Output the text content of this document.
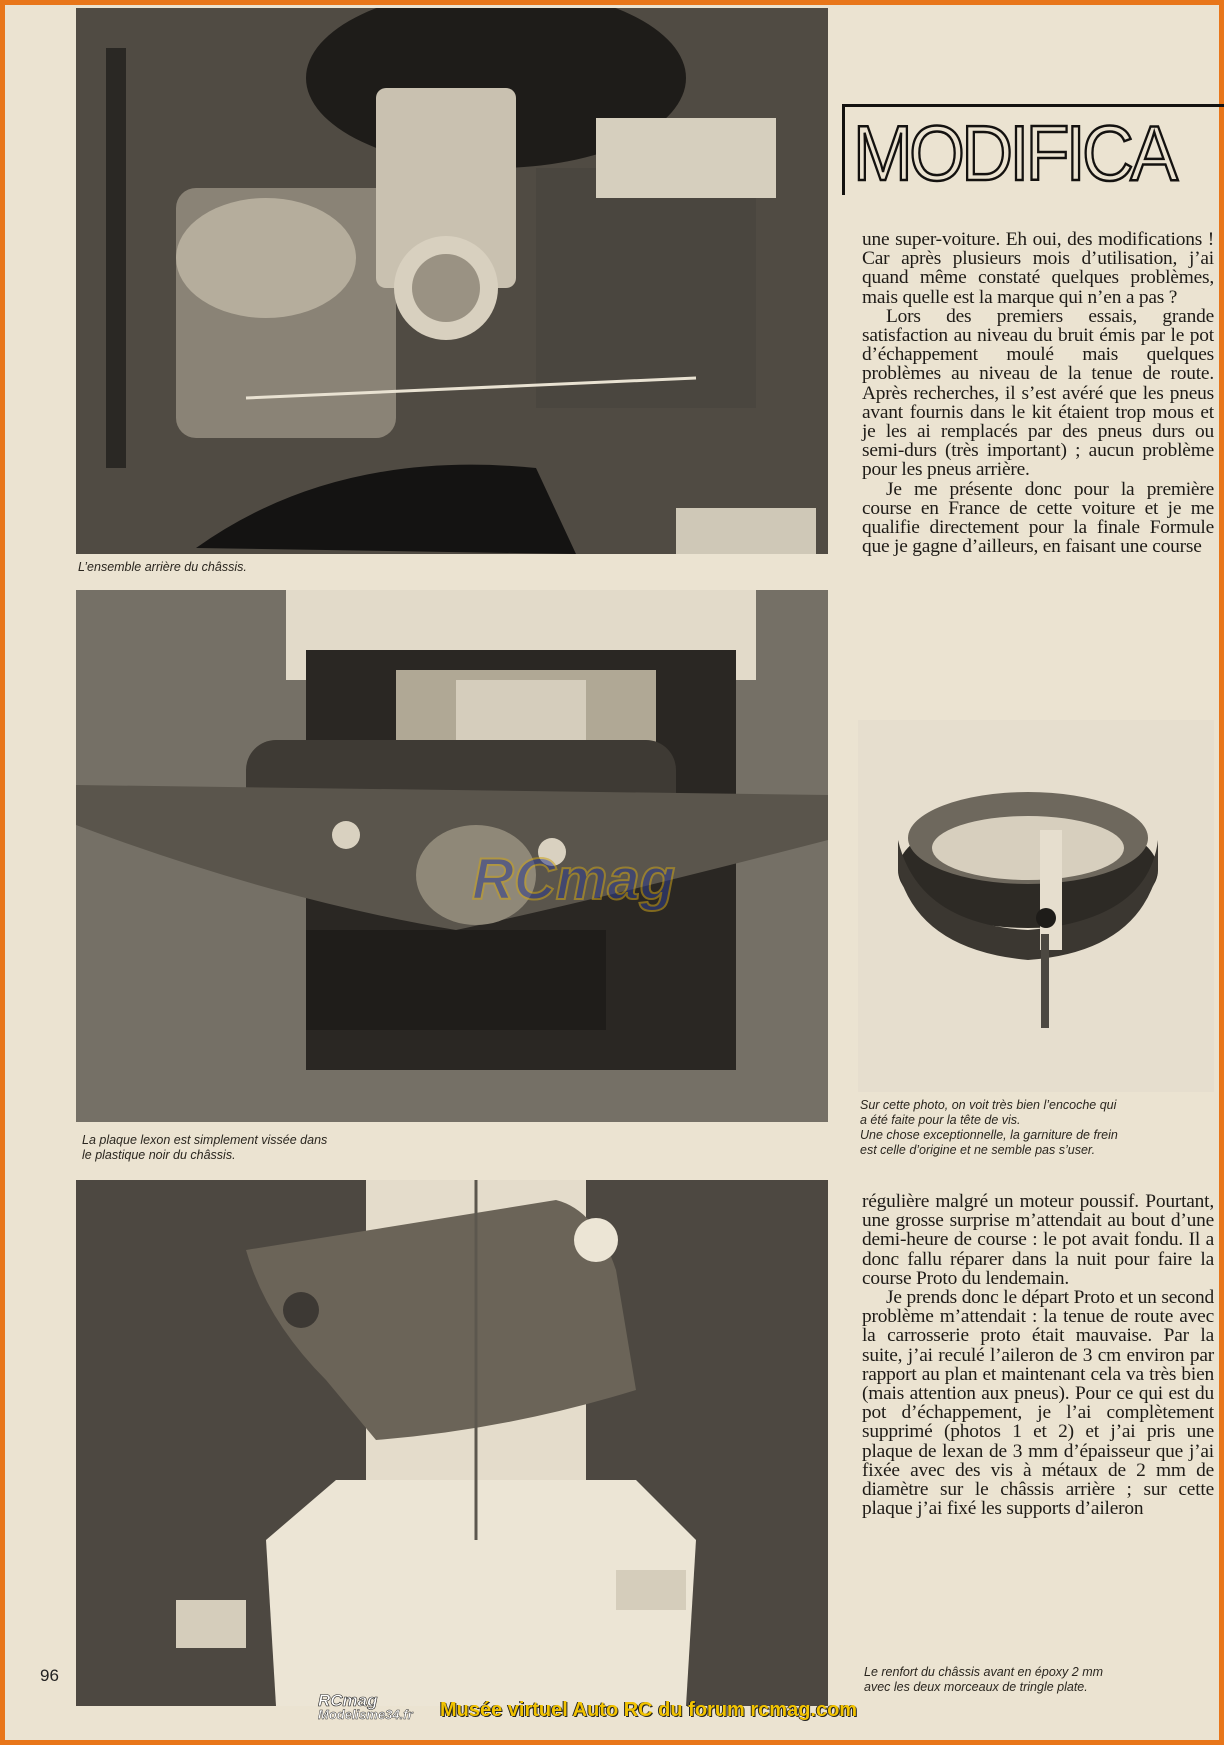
L’ensemble arrière du châssis.

MODIFICA

une super-voiture. Eh oui, des modifications ! Car après plusieurs mois d’utilisation, j’ai quand même constaté quelques problèmes, mais quelle est la marque qui n’en a pas ?

Lors des premiers essais, grande satisfaction au niveau du bruit émis par le pot d’échappement moulé mais quelques problèmes au niveau de la tenue de route. Après recherches, il s’est avéré que les pneus avant fournis dans le kit étaient trop mous et je les ai remplacés par des pneus durs ou semi-durs (très important) ; aucun problème pour les pneus arrière.

Je me présente donc pour la première course en France de cette voiture et je me qualifie directement pour la finale Formule que je gagne d’ailleurs, en faisant une course

La plaque lexon est simplement vissée dans

le plastique noir du châssis.

RCmag

Sur cette photo, on voit très bien l’encoche qui

a été faite pour la tête de vis.

Une chose exceptionnelle, la garniture de frein

est celle d’origine et ne semble pas s’user.

régulière malgré un moteur poussif. Pourtant, une grosse surprise m’attendait au bout d’une demi-heure de course : le pot avait fondu. Il a donc fallu réparer dans la nuit pour faire la course Proto du lendemain.

Je prends donc le départ Proto et un second problème m’attendait : la tenue de route avec la carrosserie proto était mauvaise. Par la suite, j’ai reculé l’aileron de 3 cm environ par rapport au plan et maintenant cela va très bien (mais attention aux pneus). Pour ce qui est du pot d’échappement, je l’ai complètement supprimé (photos 1 et 2) et j’ai pris une plaque de lexan de 3 mm d’épaisseur que j’ai fixée avec des vis à métaux de 2 mm de diamètre sur le châssis arrière ; sur cette plaque j’ai fixé les supports d’aileron

Le renfort du châssis avant en époxy 2 mm

avec les deux morceaux de tringle plate.

96
RCmag
Modelisme34.fr Musée virtuel Auto RC du forum rcmag.com
